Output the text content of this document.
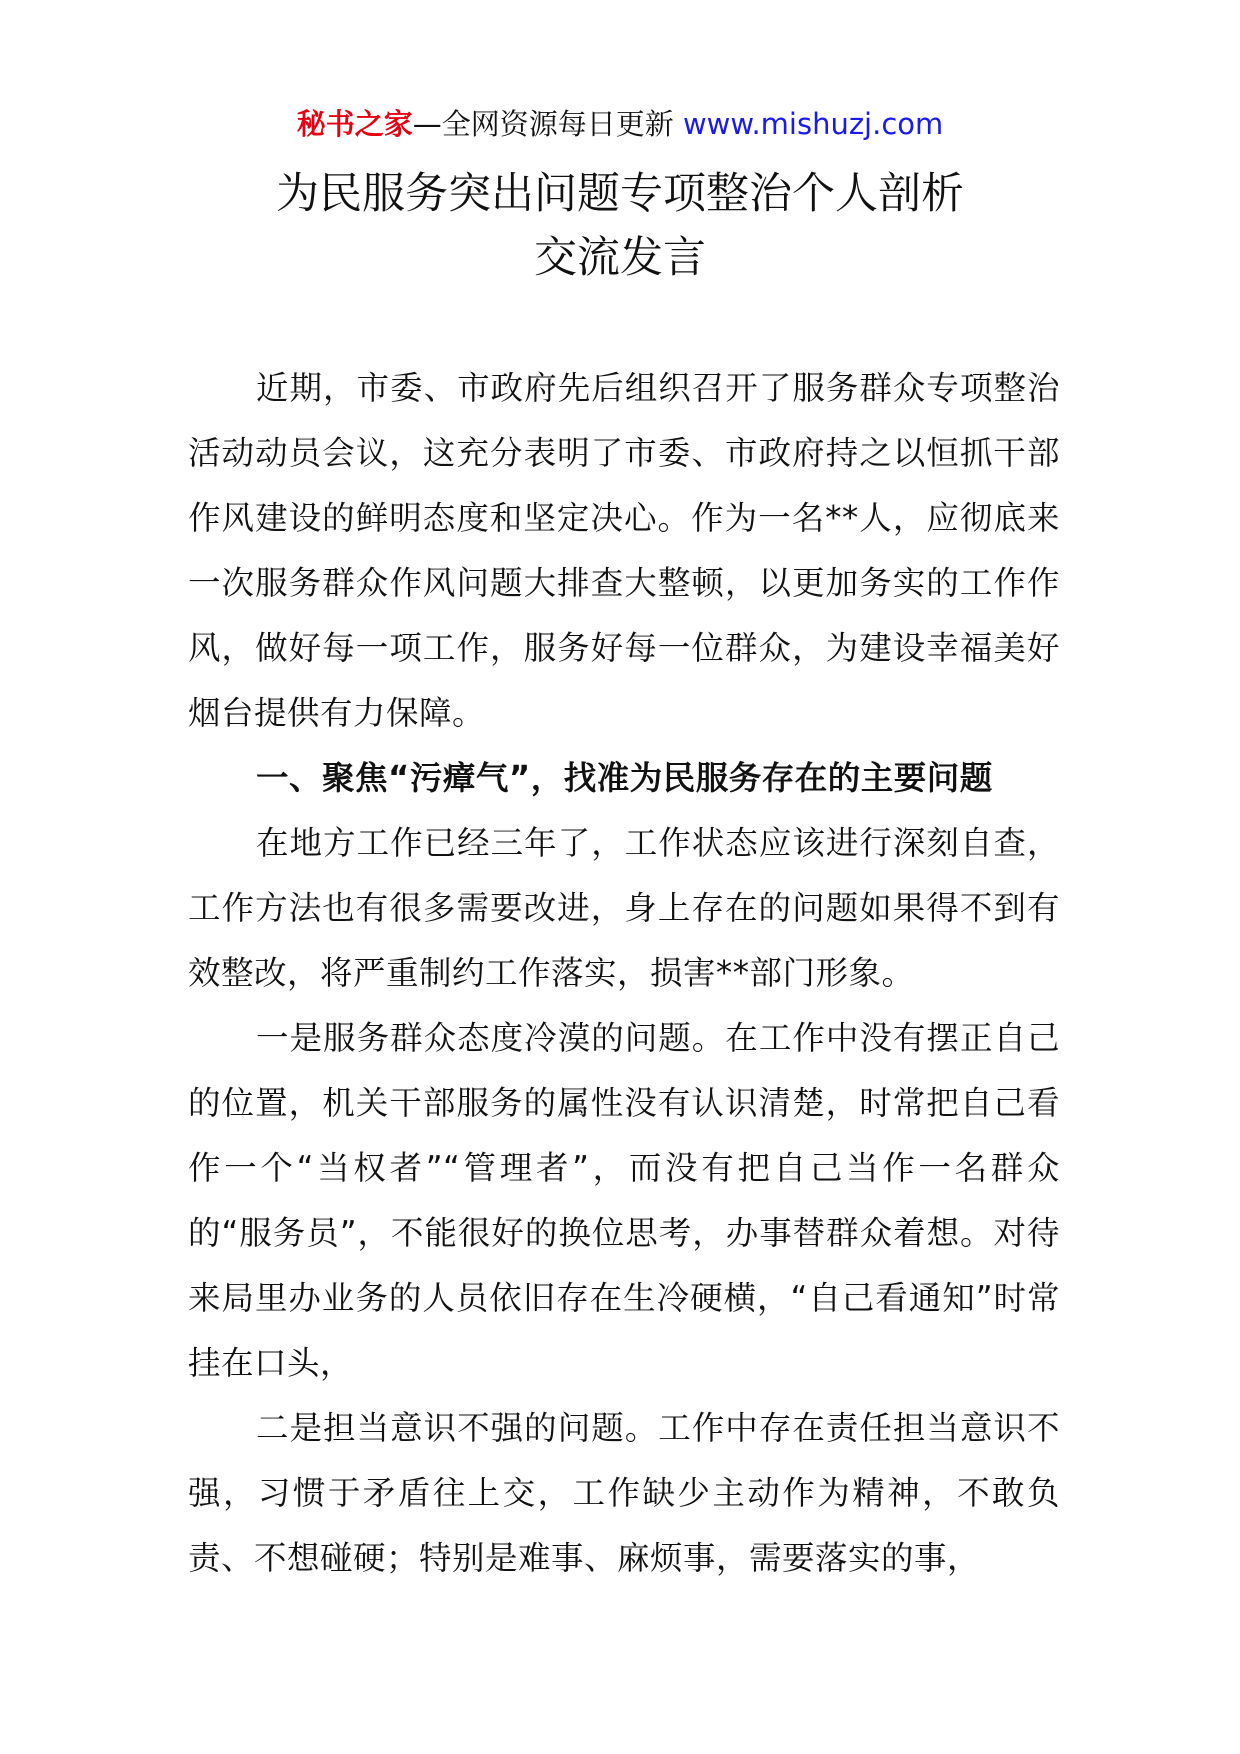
秘书之家—全网资源每日更新 www.mishuzj.com
为民服务突出问题专项整治个人剖析
交流发言

近期，市委、市政府先后组织召开了服务群众专项整治活动动员会议，这充分表明了市委、市政府持之以恒抓干部作风建设的鲜明态度和坚定决心。作为一名**人，应彻底来一次服务群众作风问题大排查大整顿，以更加务实的工作作风，做好每一项工作，服务好每一位群众，为建设幸福美好烟台提供有力保障。

一、聚焦“污瘴气”，找准为民服务存在的主要问题

在地方工作已经三年了，工作状态应该进行深刻自查，工作方法也有很多需要改进，身上存在的问题如果得不到有效整改，将严重制约工作落实，损害**部门形象。

一是服务群众态度冷漠的问题。在工作中没有摆正自己的位置，机关干部服务的属性没有认识清楚，时常把自己看作一个“当权者”“管理者”，而没有把自己当作一名群众的“服务员”，不能很好的换位思考，办事替群众着想。对待来局里办业务的人员依旧存在生冷硬横，“自己看通知”时常挂在口头，

二是担当意识不强的问题。工作中存在责任担当意识不强，习惯于矛盾往上交，工作缺少主动作为精神，不敢负责、不想碰硬；特别是难事、麻烦事，需要落实的事，
